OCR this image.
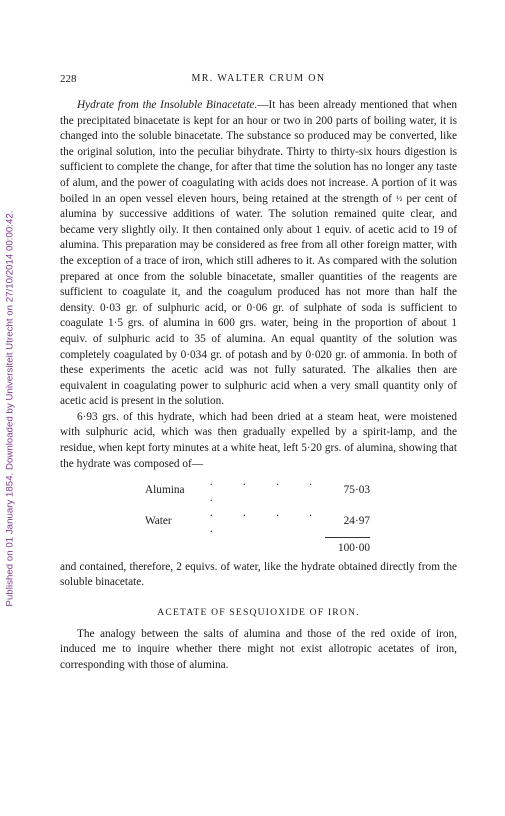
Published on 01 January 1854. Downloaded by Universiteit Utrecht on 27/10/2014 00:00:42.
228	MR. WALTER CRUM ON

Hydrate from the Insoluble Binacetate.—It has been already mentioned that when the precipitated binacetate is kept for an hour or two in 200 parts of boiling water, it is changed into the soluble binacetate. The substance so produced may be converted, like the original solution, into the peculiar bihydrate. Thirty to thirty-six hours digestion is sufficient to complete the change, for after that time the solution has no longer any taste of alum, and the power of coagulating with acids does not increase. A portion of it was boiled in an open vessel eleven hours, being retained at the strength of ½ per cent of alumina by successive additions of water. The solution remained quite clear, and became very slightly oily. It then contained only about 1 equiv. of acetic acid to 19 of alumina. This preparation may be considered as free from all other foreign matter, with the exception of a trace of iron, which still adheres to it. As compared with the solution prepared at once from the soluble binacetate, smaller quantities of the reagents are sufficient to coagulate it, and the coagulum produced has not more than half the density. 0·03 gr. of sulphuric acid, or 0·06 gr. of sulphate of soda is sufficient to coagulate 1·5 grs. of alumina in 600 grs. water, being in the proportion of about 1 equiv. of sulphuric acid to 35 of alumina. An equal quantity of the solution was completely coagulated by 0·034 gr. of potash and by 0·020 gr. of ammonia. In both of these experiments the acetic acid was not fully saturated. The alkalies then are equivalent in coagulating power to sulphuric acid when a very small quantity only of acetic acid is present in the solution.

6·93 grs. of this hydrate, which had been dried at a steam heat, were moistened with sulphuric acid, which was then gradually expelled by a spirit-lamp, and the residue, when kept forty minutes at a white heat, left 5·20 grs. of alumina, showing that the hydrate was composed of—

Alumina	. . . . .	75·03
Water	. . . . .	24·97
		100·00

and contained, therefore, 2 equivs. of water, like the hydrate obtained directly from the soluble binacetate.

ACETATE OF SESQUIOXIDE OF IRON.

The analogy between the salts of alumina and those of the red oxide of iron, induced me to inquire whether there might not exist allotropic acetates of iron, corresponding with those of alumina.
